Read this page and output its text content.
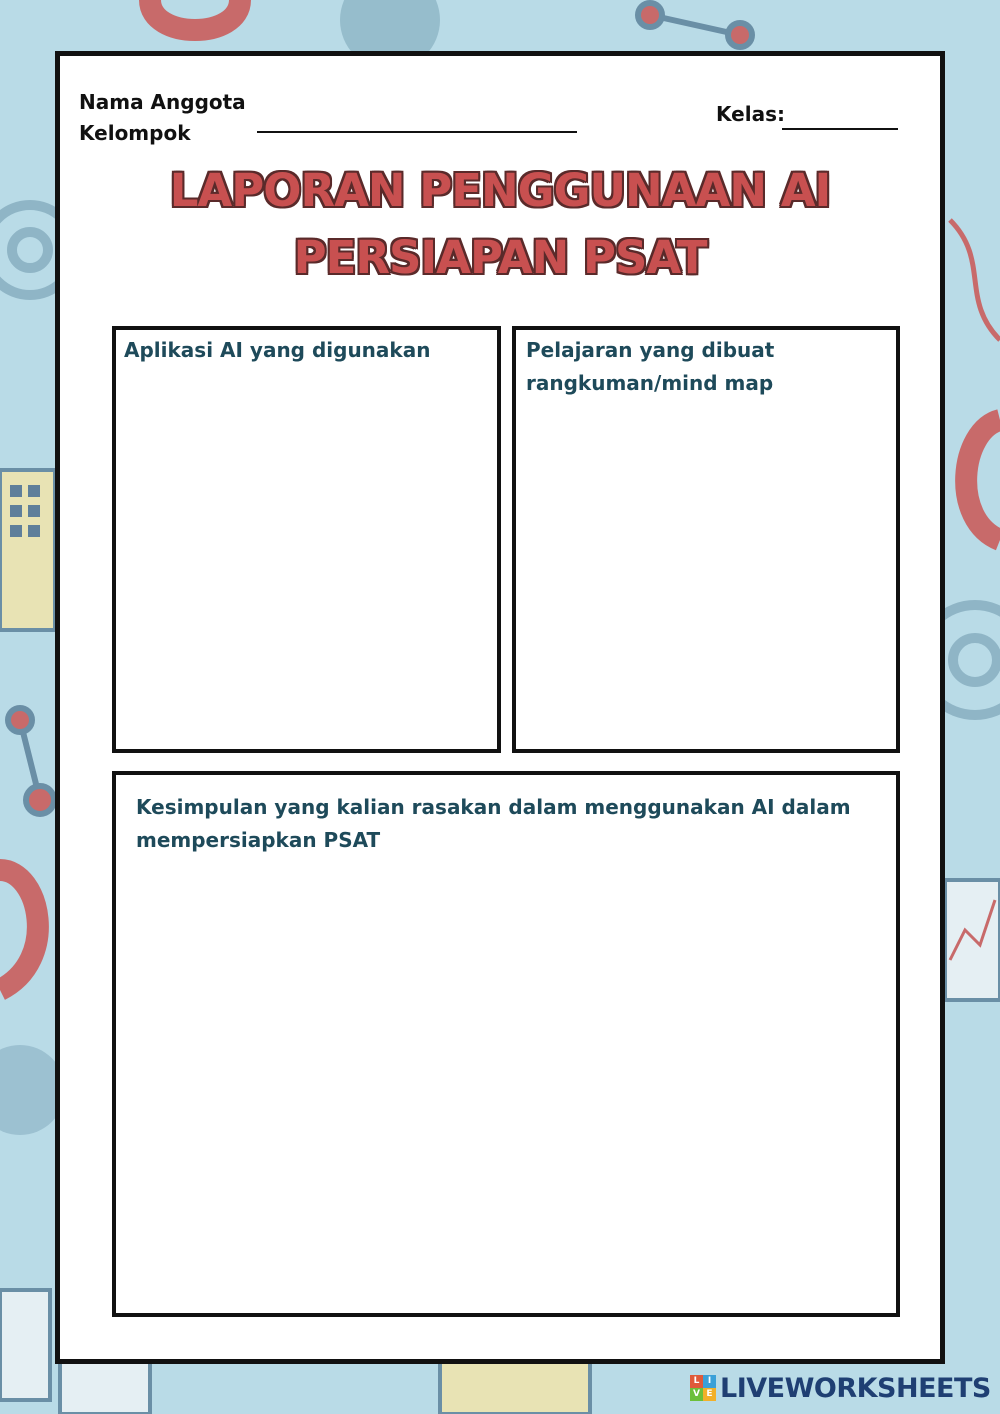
Nama Anggota Kelompok
Kelas:
LAPORAN PENGGUNAAN AI
PERSIAPAN PSAT
Aplikasi AI yang digunakan	Pelajaran yang dibuat rangkuman/mind map
Kesimpulan yang kalian rasakan dalam menggunakan AI dalam mempersiapkan PSAT
L I
V E LIVEWORKSHEETS
